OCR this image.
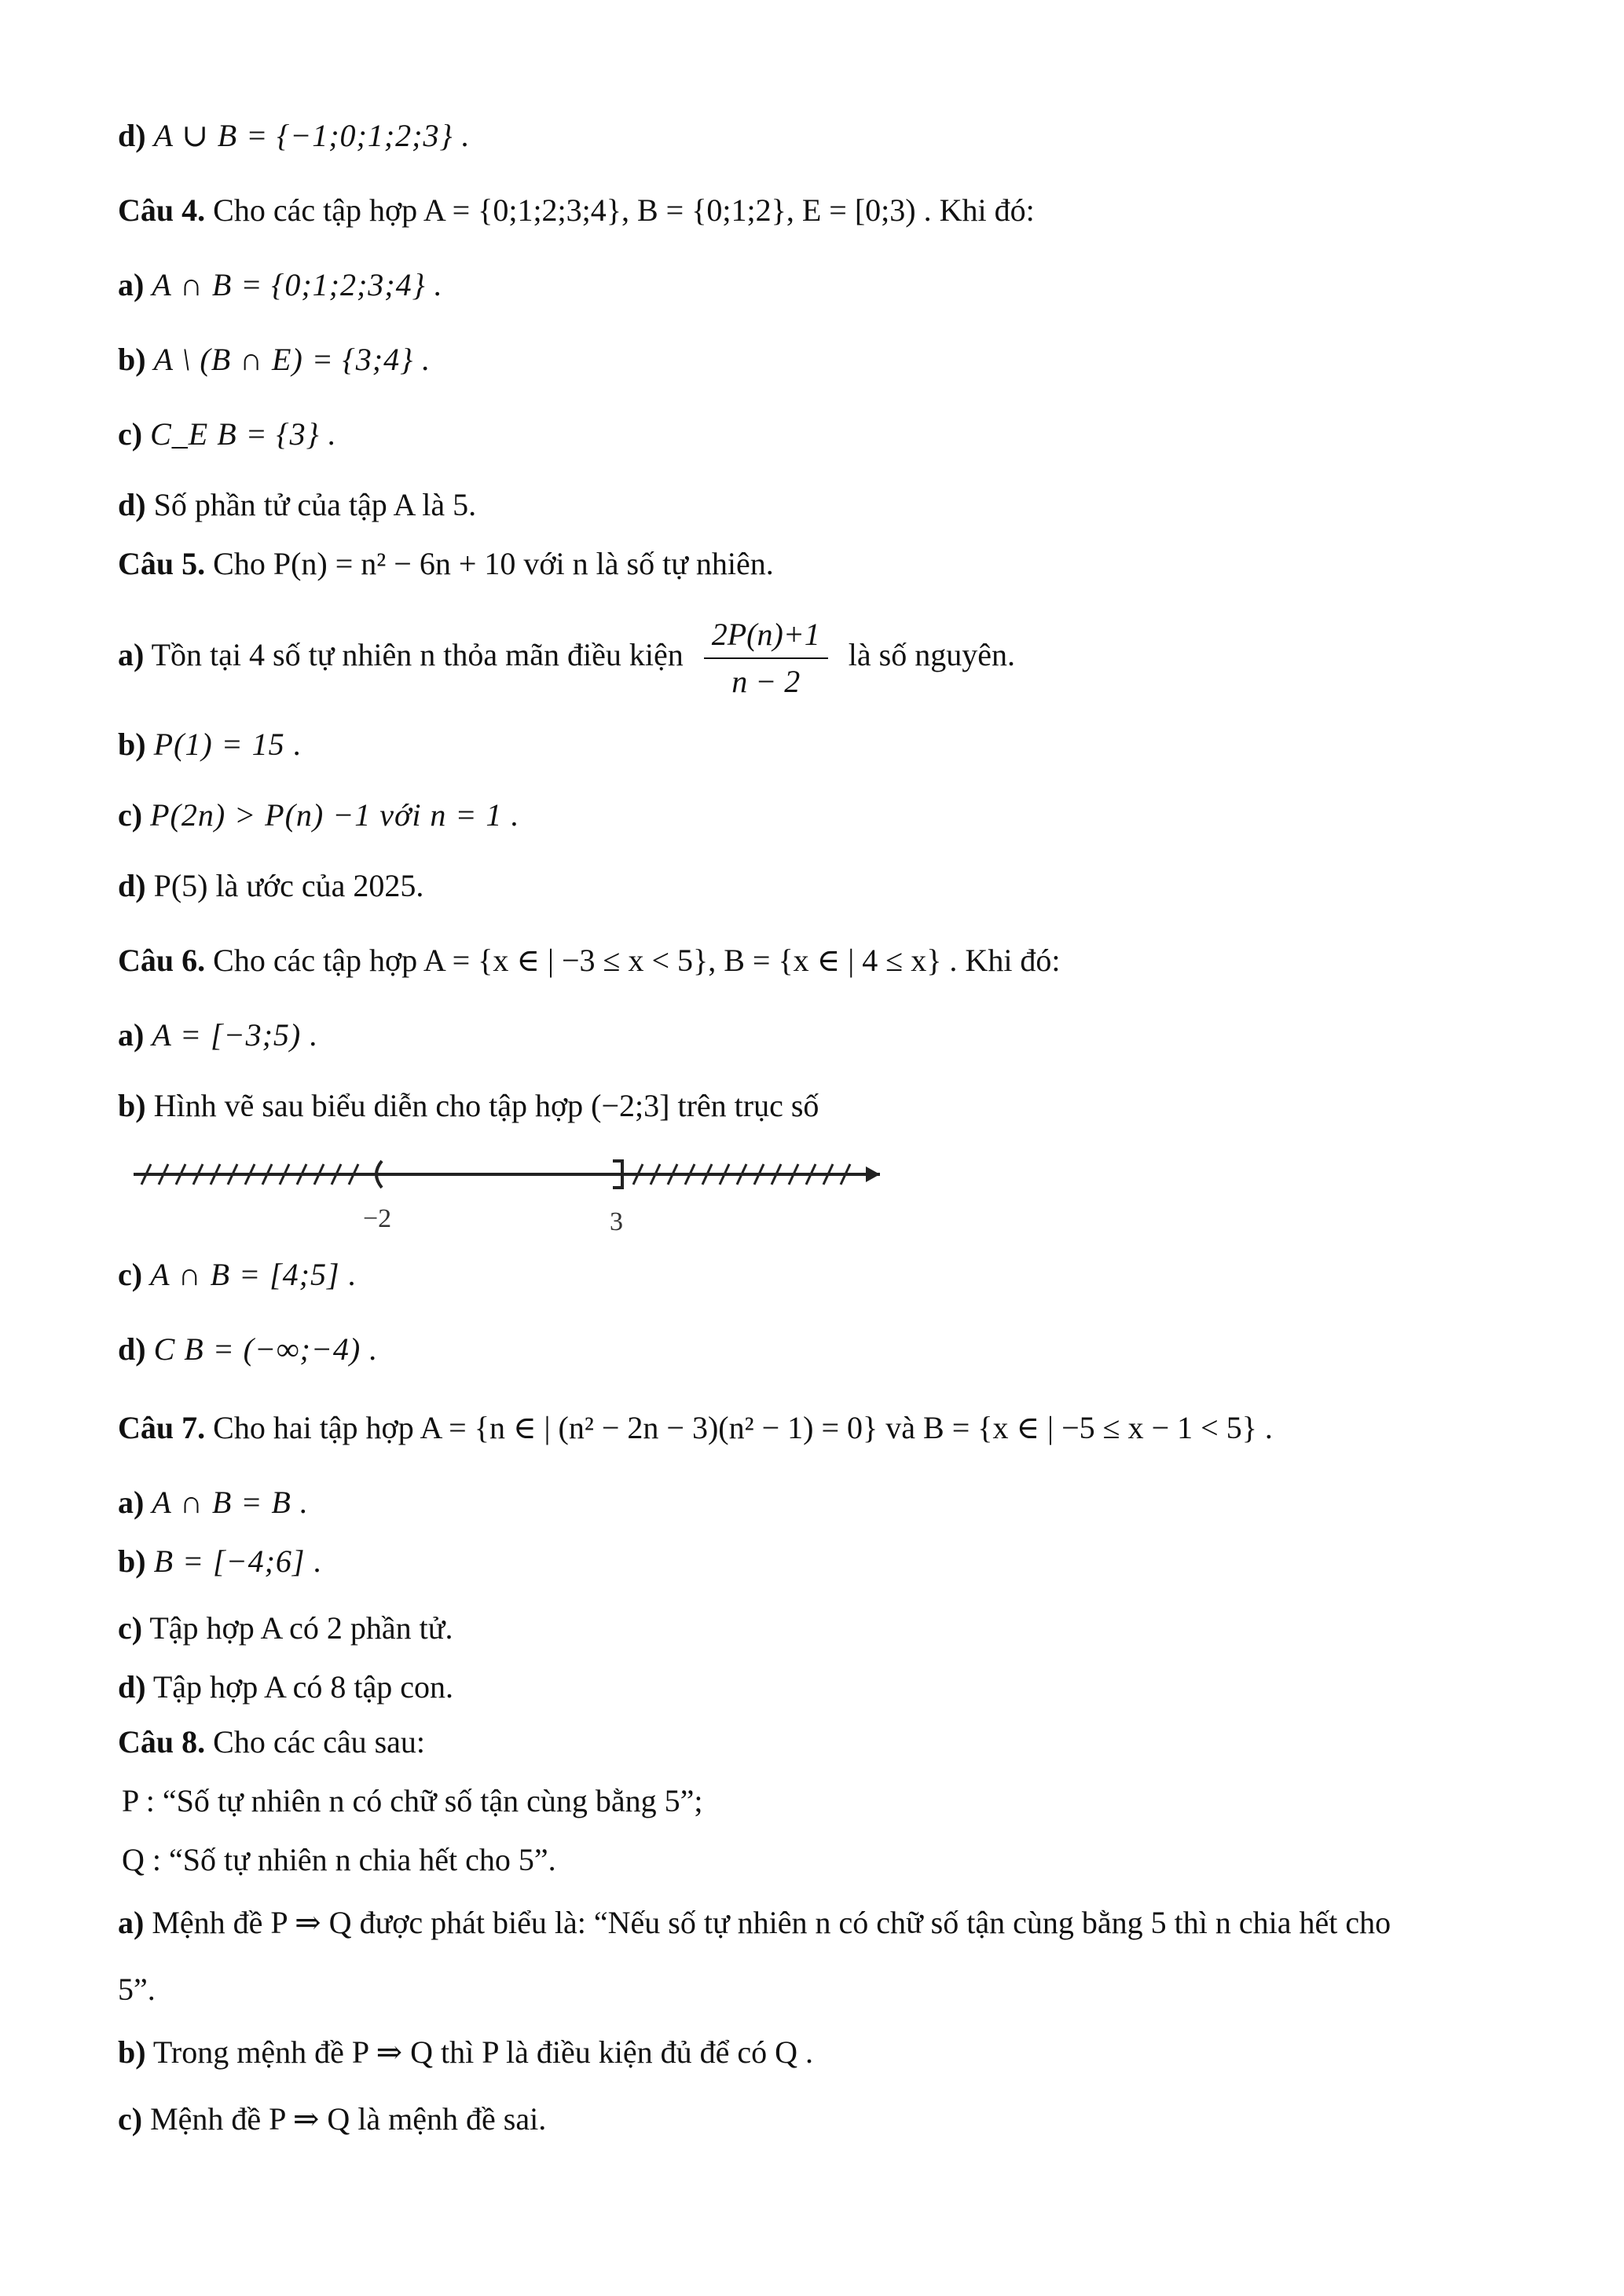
d) A ∪ B = {−1;0;1;2;3} .
Câu 4. Cho các tập hợp A = {0;1;2;3;4}, B = {0;1;2}, E = [0;3) . Khi đó:
a) A ∩ B = {0;1;2;3;4} .
b) A \ (B ∩ E) = {3;4} .
c) C_E B = {3} .
d) Số phần tử của tập A là 5.
Câu 5. Cho P(n) = n² − 6n + 10 với n là số tự nhiên.
a) Tồn tại 4 số tự nhiên n thỏa mãn điều kiện $\frac{2P(n)+1}{n - 2}$ là số nguyên.
b) P(1) = 15 .
c) P(2n) > P(n) −1 với n = 1 .
d) P(5) là ước của 2025.
Câu 6. Cho các tập hợp A = {x ∈ | −3 ≤ x < 5}, B = {x ∈ | 4 ≤ x} . Khi đó:
a) A = [−3;5) .
b) Hình vẽ sau biểu diễn cho tập hợp (−2;3] trên trục số
−2	3
c) A ∩ B = [4;5] .
d) C B = (−∞;−4) .
Câu 7. Cho hai tập hợp A = {n ∈ | (n² − 2n − 3)(n² − 1) = 0} và B = {x ∈ | −5 ≤ x − 1 < 5} .
a) A ∩ B = B .
b) B = [−4;6] .
c) Tập hợp A có 2 phần tử.
d) Tập hợp A có 8 tập con.
Câu 8. Cho các câu sau:
P : “Số tự nhiên n có chữ số tận cùng bằng 5”;
Q : “Số tự nhiên n chia hết cho 5”.
a) Mệnh đề P ⇒ Q được phát biểu là: “Nếu số tự nhiên n có chữ số tận cùng bằng 5 thì n chia hết cho
5”.
b) Trong mệnh đề P ⇒ Q thì P là điều kiện đủ để có Q .
c) Mệnh đề P ⇒ Q là mệnh đề sai.
